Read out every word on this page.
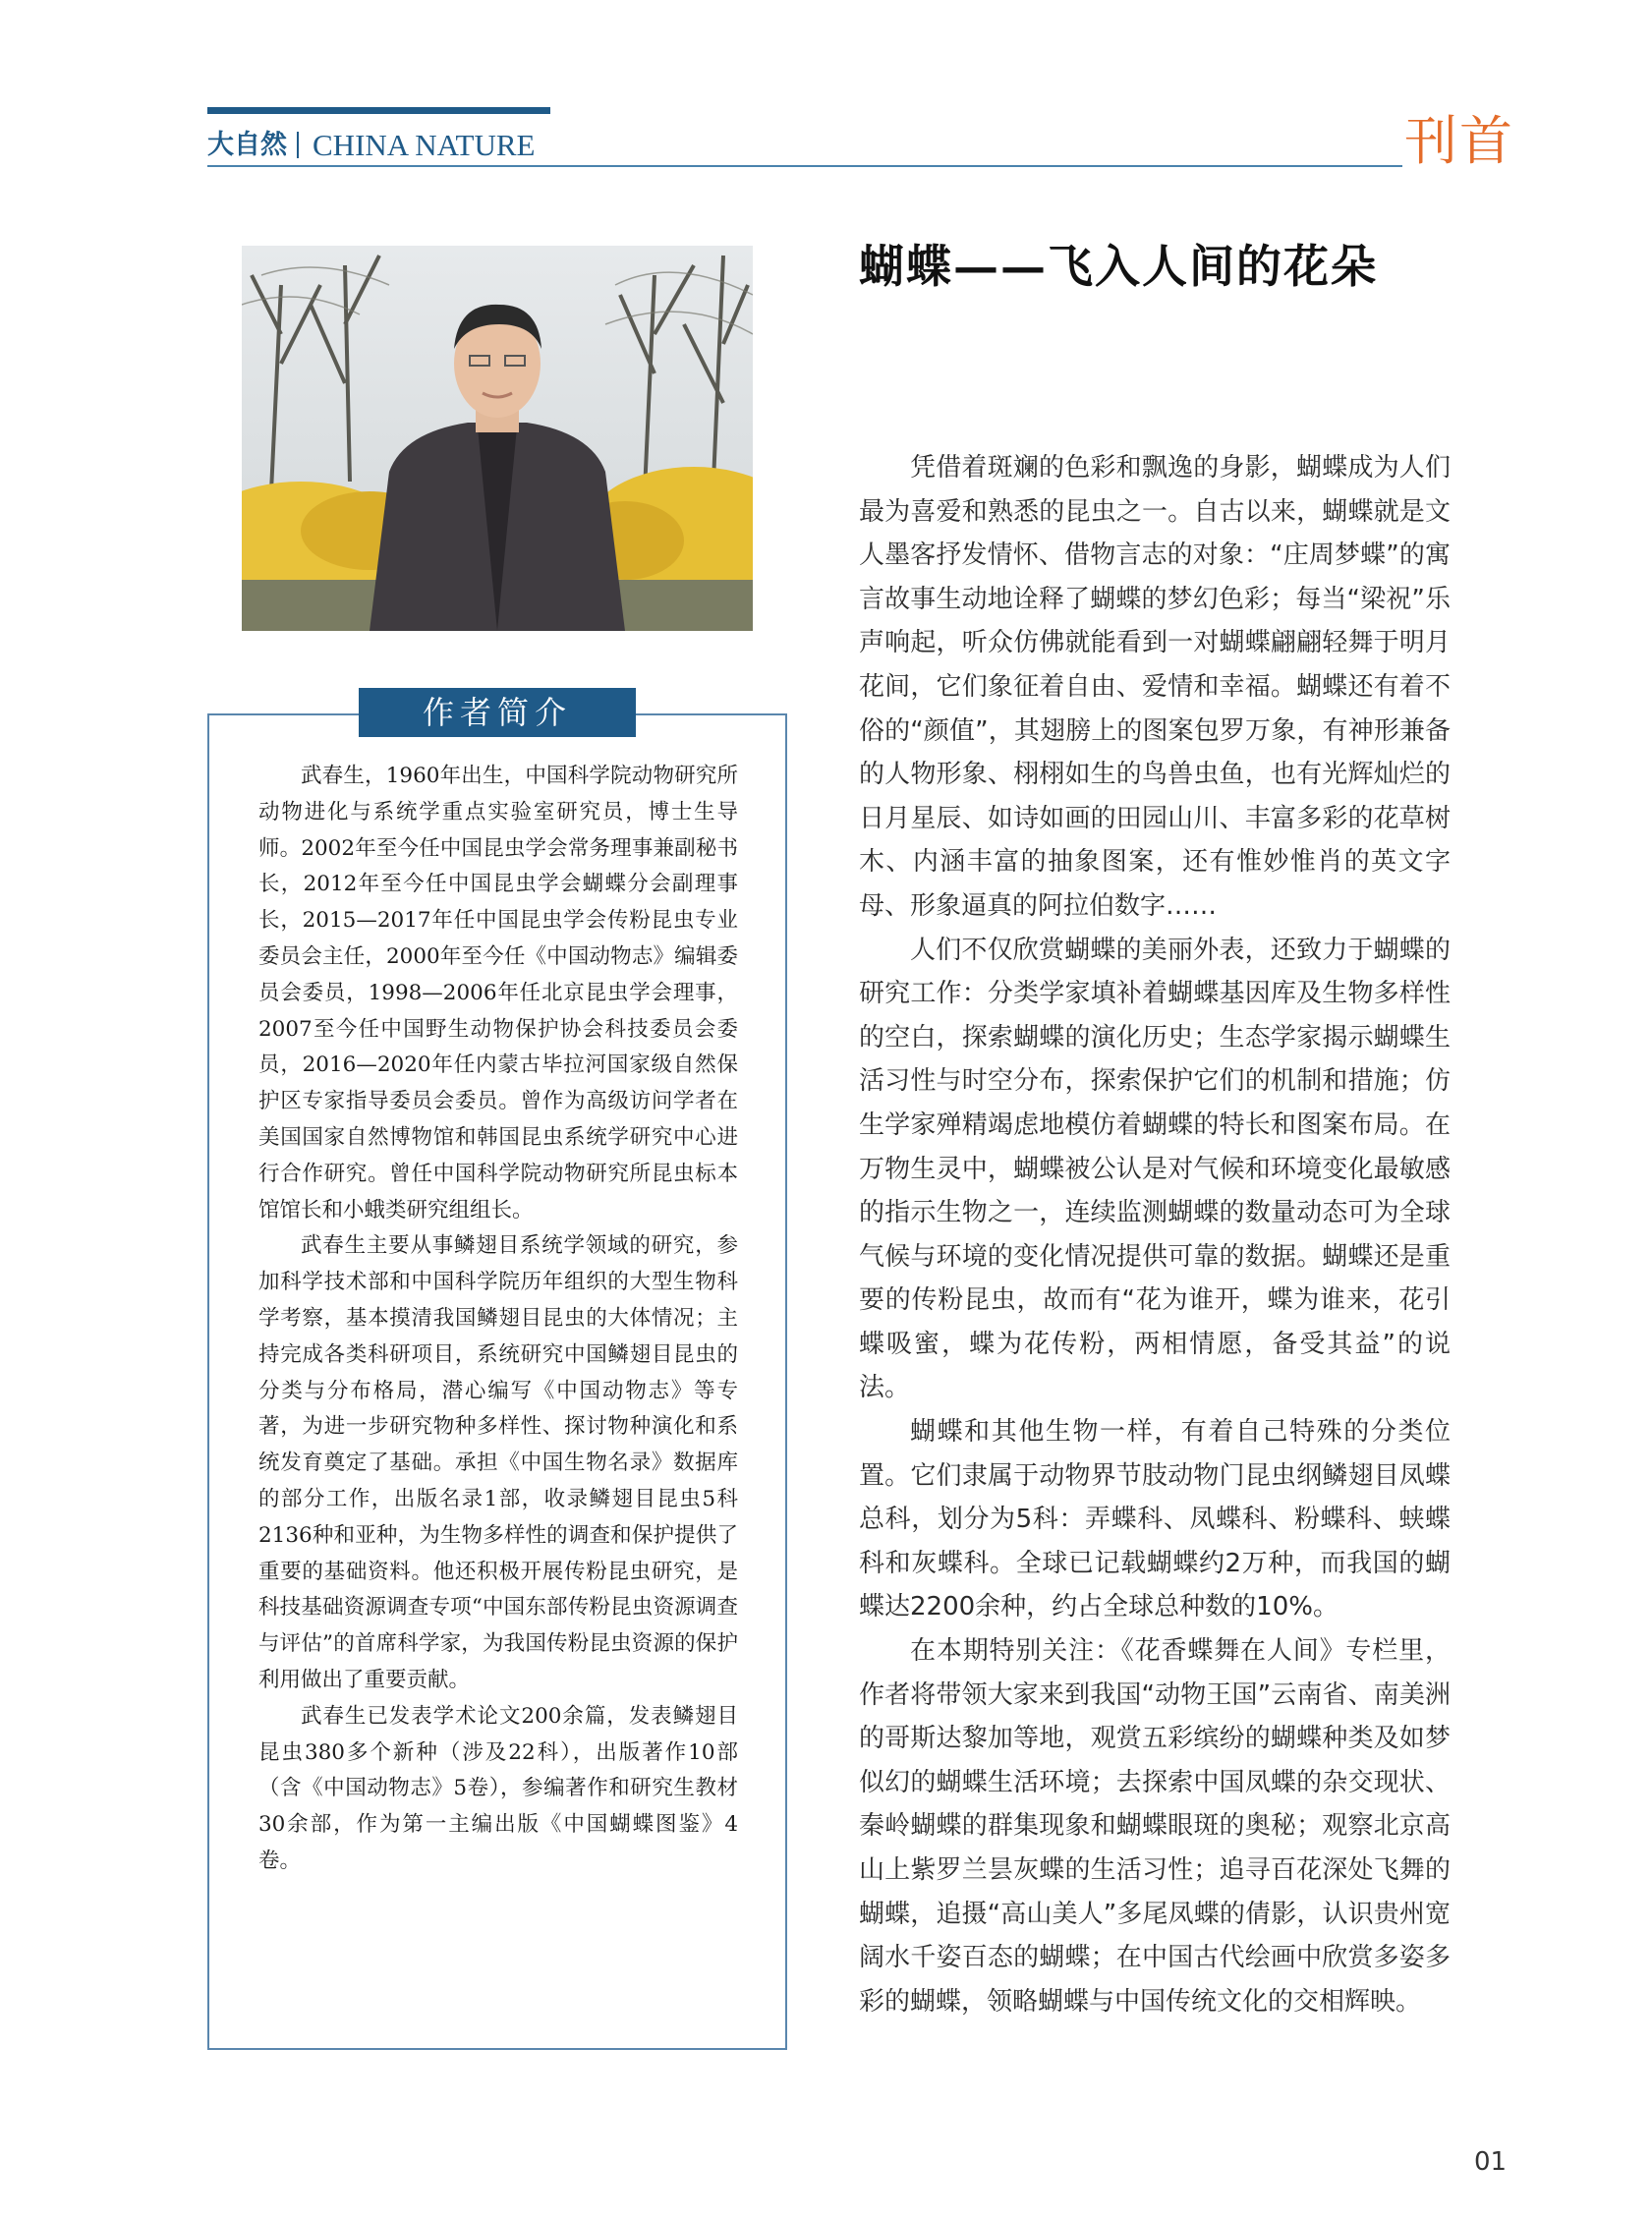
大自然 CHINA NATURE	刊首
作者简介

武春生，1960年出生，中国科学院动物研究所动物进化与系统学重点实验室研究员，博士生导师。2002年至今任中国昆虫学会常务理事兼副秘书长，2012年至今任中国昆虫学会蝴蝶分会副理事长，2015—2017年任中国昆虫学会传粉昆虫专业委员会主任，2000年至今任《中国动物志》编辑委员会委员，1998—2006年任北京昆虫学会理事，2007至今任中国野生动物保护协会科技委员会委员，2016—2020年任内蒙古毕拉河国家级自然保护区专家指导委员会委员。曾作为高级访问学者在美国国家自然博物馆和韩国昆虫系统学研究中心进行合作研究。曾任中国科学院动物研究所昆虫标本馆馆长和小蛾类研究组组长。

武春生主要从事鳞翅目系统学领域的研究，参加科学技术部和中国科学院历年组织的大型生物科学考察，基本摸清我国鳞翅目昆虫的大体情况；主持完成各类科研项目，系统研究中国鳞翅目昆虫的分类与分布格局，潜心编写《中国动物志》等专著，为进一步研究物种多样性、探讨物种演化和系统发育奠定了基础。承担《中国生物名录》数据库的部分工作，出版名录1部，收录鳞翅目昆虫5科2136种和亚种，为生物多样性的调查和保护提供了重要的基础资料。他还积极开展传粉昆虫研究，是科技基础资源调查专项“中国东部传粉昆虫资源调查与评估”的首席科学家，为我国传粉昆虫资源的保护利用做出了重要贡献。

武春生已发表学术论文200余篇，发表鳞翅目昆虫380多个新种（涉及22科），出版著作10部（含《中国动物志》5卷），参编著作和研究生教材30余部，作为第一主编出版《中国蝴蝶图鉴》4卷。

蝴蝶——飞入人间的花朵

凭借着斑斓的色彩和飘逸的身影，蝴蝶成为人们最为喜爱和熟悉的昆虫之一。自古以来，蝴蝶就是文人墨客抒发情怀、借物言志的对象：“庄周梦蝶”的寓言故事生动地诠释了蝴蝶的梦幻色彩；每当“梁祝”乐声响起，听众仿佛就能看到一对蝴蝶翩翩轻舞于明月花间，它们象征着自由、爱情和幸福。蝴蝶还有着不俗的“颜值”，其翅膀上的图案包罗万象，有神形兼备的人物形象、栩栩如生的鸟兽虫鱼，也有光辉灿烂的日月星辰、如诗如画的田园山川、丰富多彩的花草树木、内涵丰富的抽象图案，还有惟妙惟肖的英文字母、形象逼真的阿拉伯数字……

人们不仅欣赏蝴蝶的美丽外表，还致力于蝴蝶的研究工作：分类学家填补着蝴蝶基因库及生物多样性的空白，探索蝴蝶的演化历史；生态学家揭示蝴蝶生活习性与时空分布，探索保护它们的机制和措施；仿生学家殚精竭虑地模仿着蝴蝶的特长和图案布局。在万物生灵中，蝴蝶被公认是对气候和环境变化最敏感的指示生物之一，连续监测蝴蝶的数量动态可为全球气候与环境的变化情况提供可靠的数据。蝴蝶还是重要的传粉昆虫，故而有“花为谁开，蝶为谁来，花引蝶吸蜜，蝶为花传粉，两相情愿，备受其益”的说法。

蝴蝶和其他生物一样，有着自己特殊的分类位置。它们隶属于动物界节肢动物门昆虫纲鳞翅目凤蝶总科，划分为5科：弄蝶科、凤蝶科、粉蝶科、蛱蝶科和灰蝶科。全球已记载蝴蝶约2万种，而我国的蝴蝶达2200余种，约占全球总种数的10%。

在本期特别关注：《花香蝶舞在人间》专栏里，作者将带领大家来到我国“动物王国”云南省、南美洲的哥斯达黎加等地，观赏五彩缤纷的蝴蝶种类及如梦似幻的蝴蝶生活环境；去探索中国凤蝶的杂交现状、秦岭蝴蝶的群集现象和蝴蝶眼斑的奥秘；观察北京高山上紫罗兰昙灰蝶的生活习性；追寻百花深处飞舞的蝴蝶，追摄“高山美人”多尾凤蝶的倩影，认识贵州宽阔水千姿百态的蝴蝶；在中国古代绘画中欣赏多姿多彩的蝴蝶，领略蝴蝶与中国传统文化的交相辉映。

01
